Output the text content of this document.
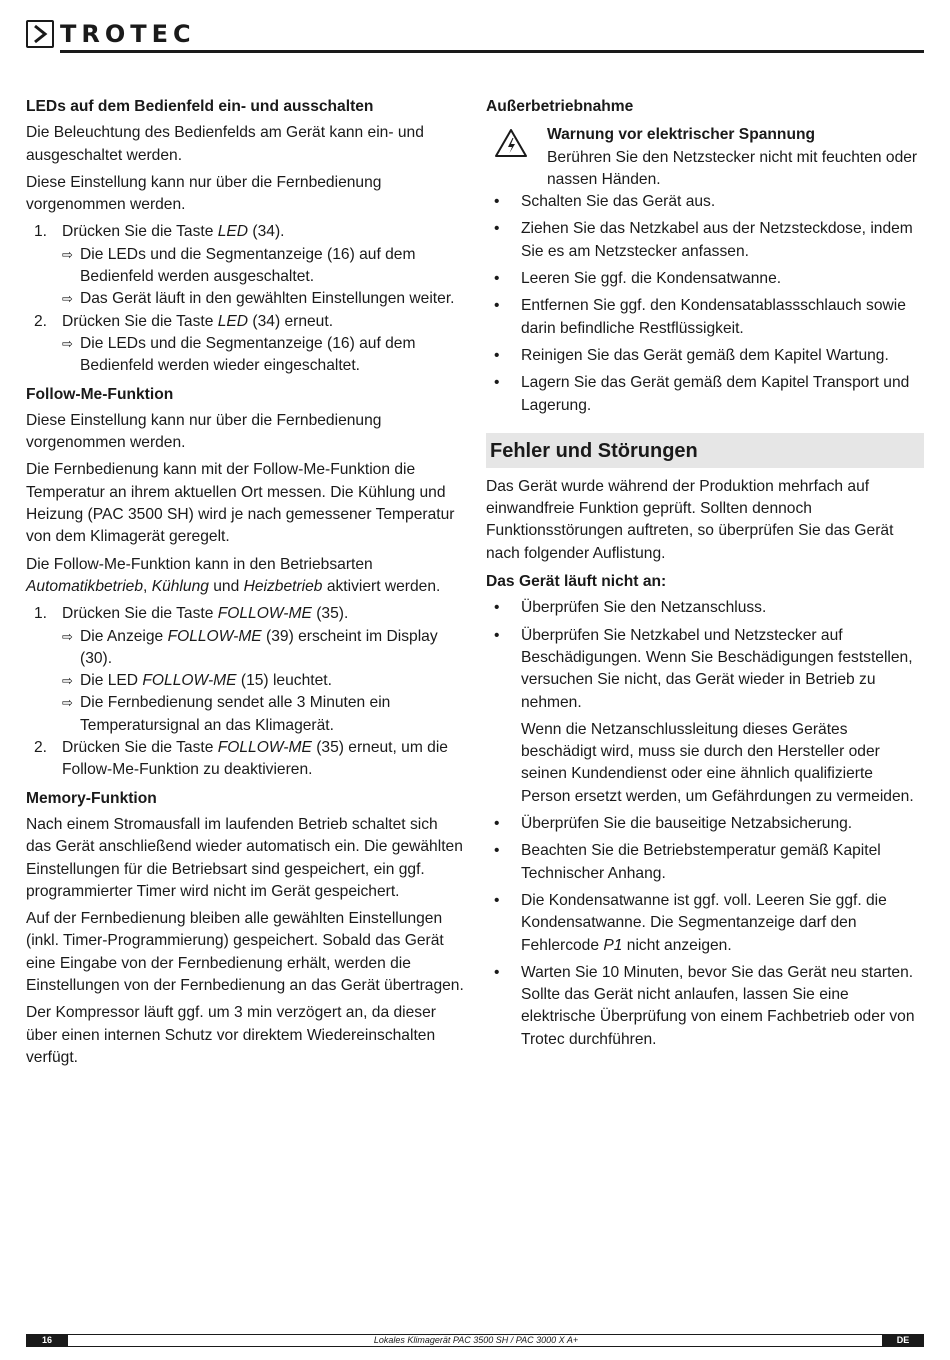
TROTEC
LEDs auf dem Bedienfeld ein- und ausschalten

Die Beleuchtung des Bedienfelds am Gerät kann ein- und ausgeschaltet werden.

Diese Einstellung kann nur über die Fernbedienung vorgenommen werden.

1. Drücken Sie die Taste LED (34).
⇨ Die LEDs und die Segmentanzeige (16) auf dem Bedienfeld werden ausgeschaltet.
⇨ Das Gerät läuft in den gewählten Einstellungen weiter.
2. Drücken Sie die Taste LED (34) erneut.
⇨ Die LEDs und die Segmentanzeige (16) auf dem Bedienfeld werden wieder eingeschaltet.
Follow-Me-Funktion

Diese Einstellung kann nur über die Fernbedienung vorgenommen werden.

Die Fernbedienung kann mit der Follow-Me-Funktion die Temperatur an ihrem aktuellen Ort messen. Die Kühlung und Heizung (PAC 3500 SH) wird je nach gemessener Temperatur von dem Klimagerät geregelt.

Die Follow-Me-Funktion kann in den Betriebsarten Automatikbetrieb, Kühlung und Heizbetrieb aktiviert werden.

1. Drücken Sie die Taste FOLLOW-ME (35).
⇨ Die Anzeige FOLLOW-ME (39) erscheint im Display (30).
⇨ Die LED FOLLOW-ME (15) leuchtet.
⇨ Die Fernbedienung sendet alle 3 Minuten ein Temperatursignal an das Klimagerät.
2. Drücken Sie die Taste FOLLOW-ME (35) erneut, um die Follow-Me-Funktion zu deaktivieren.
Memory-Funktion

Nach einem Stromausfall im laufenden Betrieb schaltet sich das Gerät anschließend wieder automatisch ein. Die gewählten Einstellungen für die Betriebsart sind gespeichert, ein ggf. programmierter Timer wird nicht im Gerät gespeichert.

Auf der Fernbedienung bleiben alle gewählten Einstellungen (inkl. Timer-Programmierung) gespeichert. Sobald das Gerät eine Eingabe von der Fernbedienung erhält, werden die Einstellungen von der Fernbedienung an das Gerät übertragen.

Der Kompressor läuft ggf. um 3 min verzögert an, da dieser über einen internen Schutz vor direktem Wiedereinschalten verfügt.

Außerbetriebnahme
Warnung vor elektrischer Spannung
Berühren Sie den Netzstecker nicht mit feuchten oder nassen Händen.
• Schalten Sie das Gerät aus.
• Ziehen Sie das Netzkabel aus der Netzsteckdose, indem Sie es am Netzstecker anfassen.
• Leeren Sie ggf. die Kondensatwanne.
• Entfernen Sie ggf. den Kondensatablassschlauch sowie darin befindliche Restflüssigkeit.
• Reinigen Sie das Gerät gemäß dem Kapitel Wartung.
• Lagern Sie das Gerät gemäß dem Kapitel Transport und Lagerung.
Fehler und Störungen

Das Gerät wurde während der Produktion mehrfach auf einwandfreie Funktion geprüft. Sollten dennoch Funktionsstörungen auftreten, so überprüfen Sie das Gerät nach folgender Auflistung.

Das Gerät läuft nicht an:
• Überprüfen Sie den Netzanschluss.
• Überprüfen Sie Netzkabel und Netzstecker auf Beschädigungen. Wenn Sie Beschädigungen feststellen, versuchen Sie nicht, das Gerät wieder in Betrieb zu nehmen.

Wenn die Netzanschlussleitung dieses Gerätes beschädigt wird, muss sie durch den Hersteller oder seinen Kundendienst oder eine ähnlich qualifizierte Person ersetzt werden, um Gefährdungen zu vermeiden.

• Überprüfen Sie die bauseitige Netzabsicherung.
• Beachten Sie die Betriebstemperatur gemäß Kapitel Technischer Anhang.
• Die Kondensatwanne ist ggf. voll. Leeren Sie ggf. die Kondensatwanne. Die Segmentanzeige darf den Fehlercode P1 nicht anzeigen.
• Warten Sie 10 Minuten, bevor Sie das Gerät neu starten. Sollte das Gerät nicht anlaufen, lassen Sie eine elektrische Überprüfung von einem Fachbetrieb oder von Trotec durchführen.
16	Lokales Klimagerät PAC 3500 SH / PAC 3000 X A+	DE
